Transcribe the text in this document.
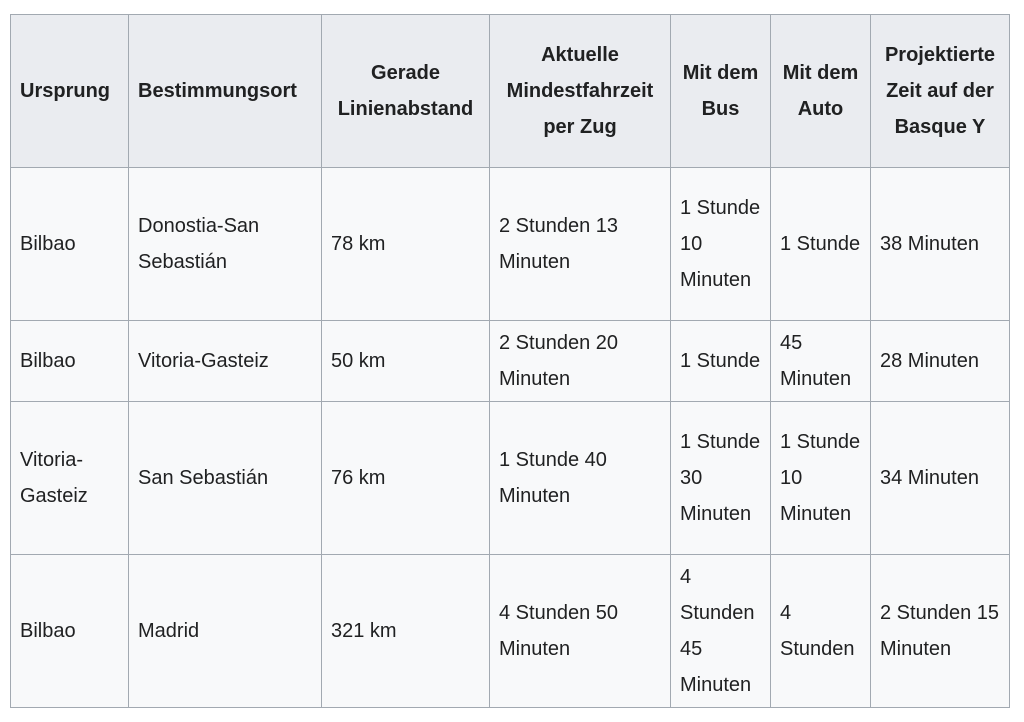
Ursprung	Bestimmungsort	Gerade Linienabstand	Aktuelle Mindestfahrzeit per Zug	Mit dem Bus	Mit dem Auto	Projektierte Zeit auf der Basque Y
Bilbao	Donostia-San Sebastián	78 km	2 Stunden 13 Minuten	1 Stunde 10 Minuten	1 Stunde	38 Minuten
Bilbao	Vitoria-Gasteiz	50 km	2 Stunden 20 Minuten	1 Stunde	45 Minuten	28 Minuten
Vitoria-Gasteiz	San Sebastián	76 km	1 Stunde 40 Minuten	1 Stunde 30 Minuten	1 Stunde 10 Minuten	34 Minuten
Bilbao	Madrid	321 km	4 Stunden 50 Minuten	4 Stunden 45 Minuten	4 Stunden	2 Stunden 15 Minuten
